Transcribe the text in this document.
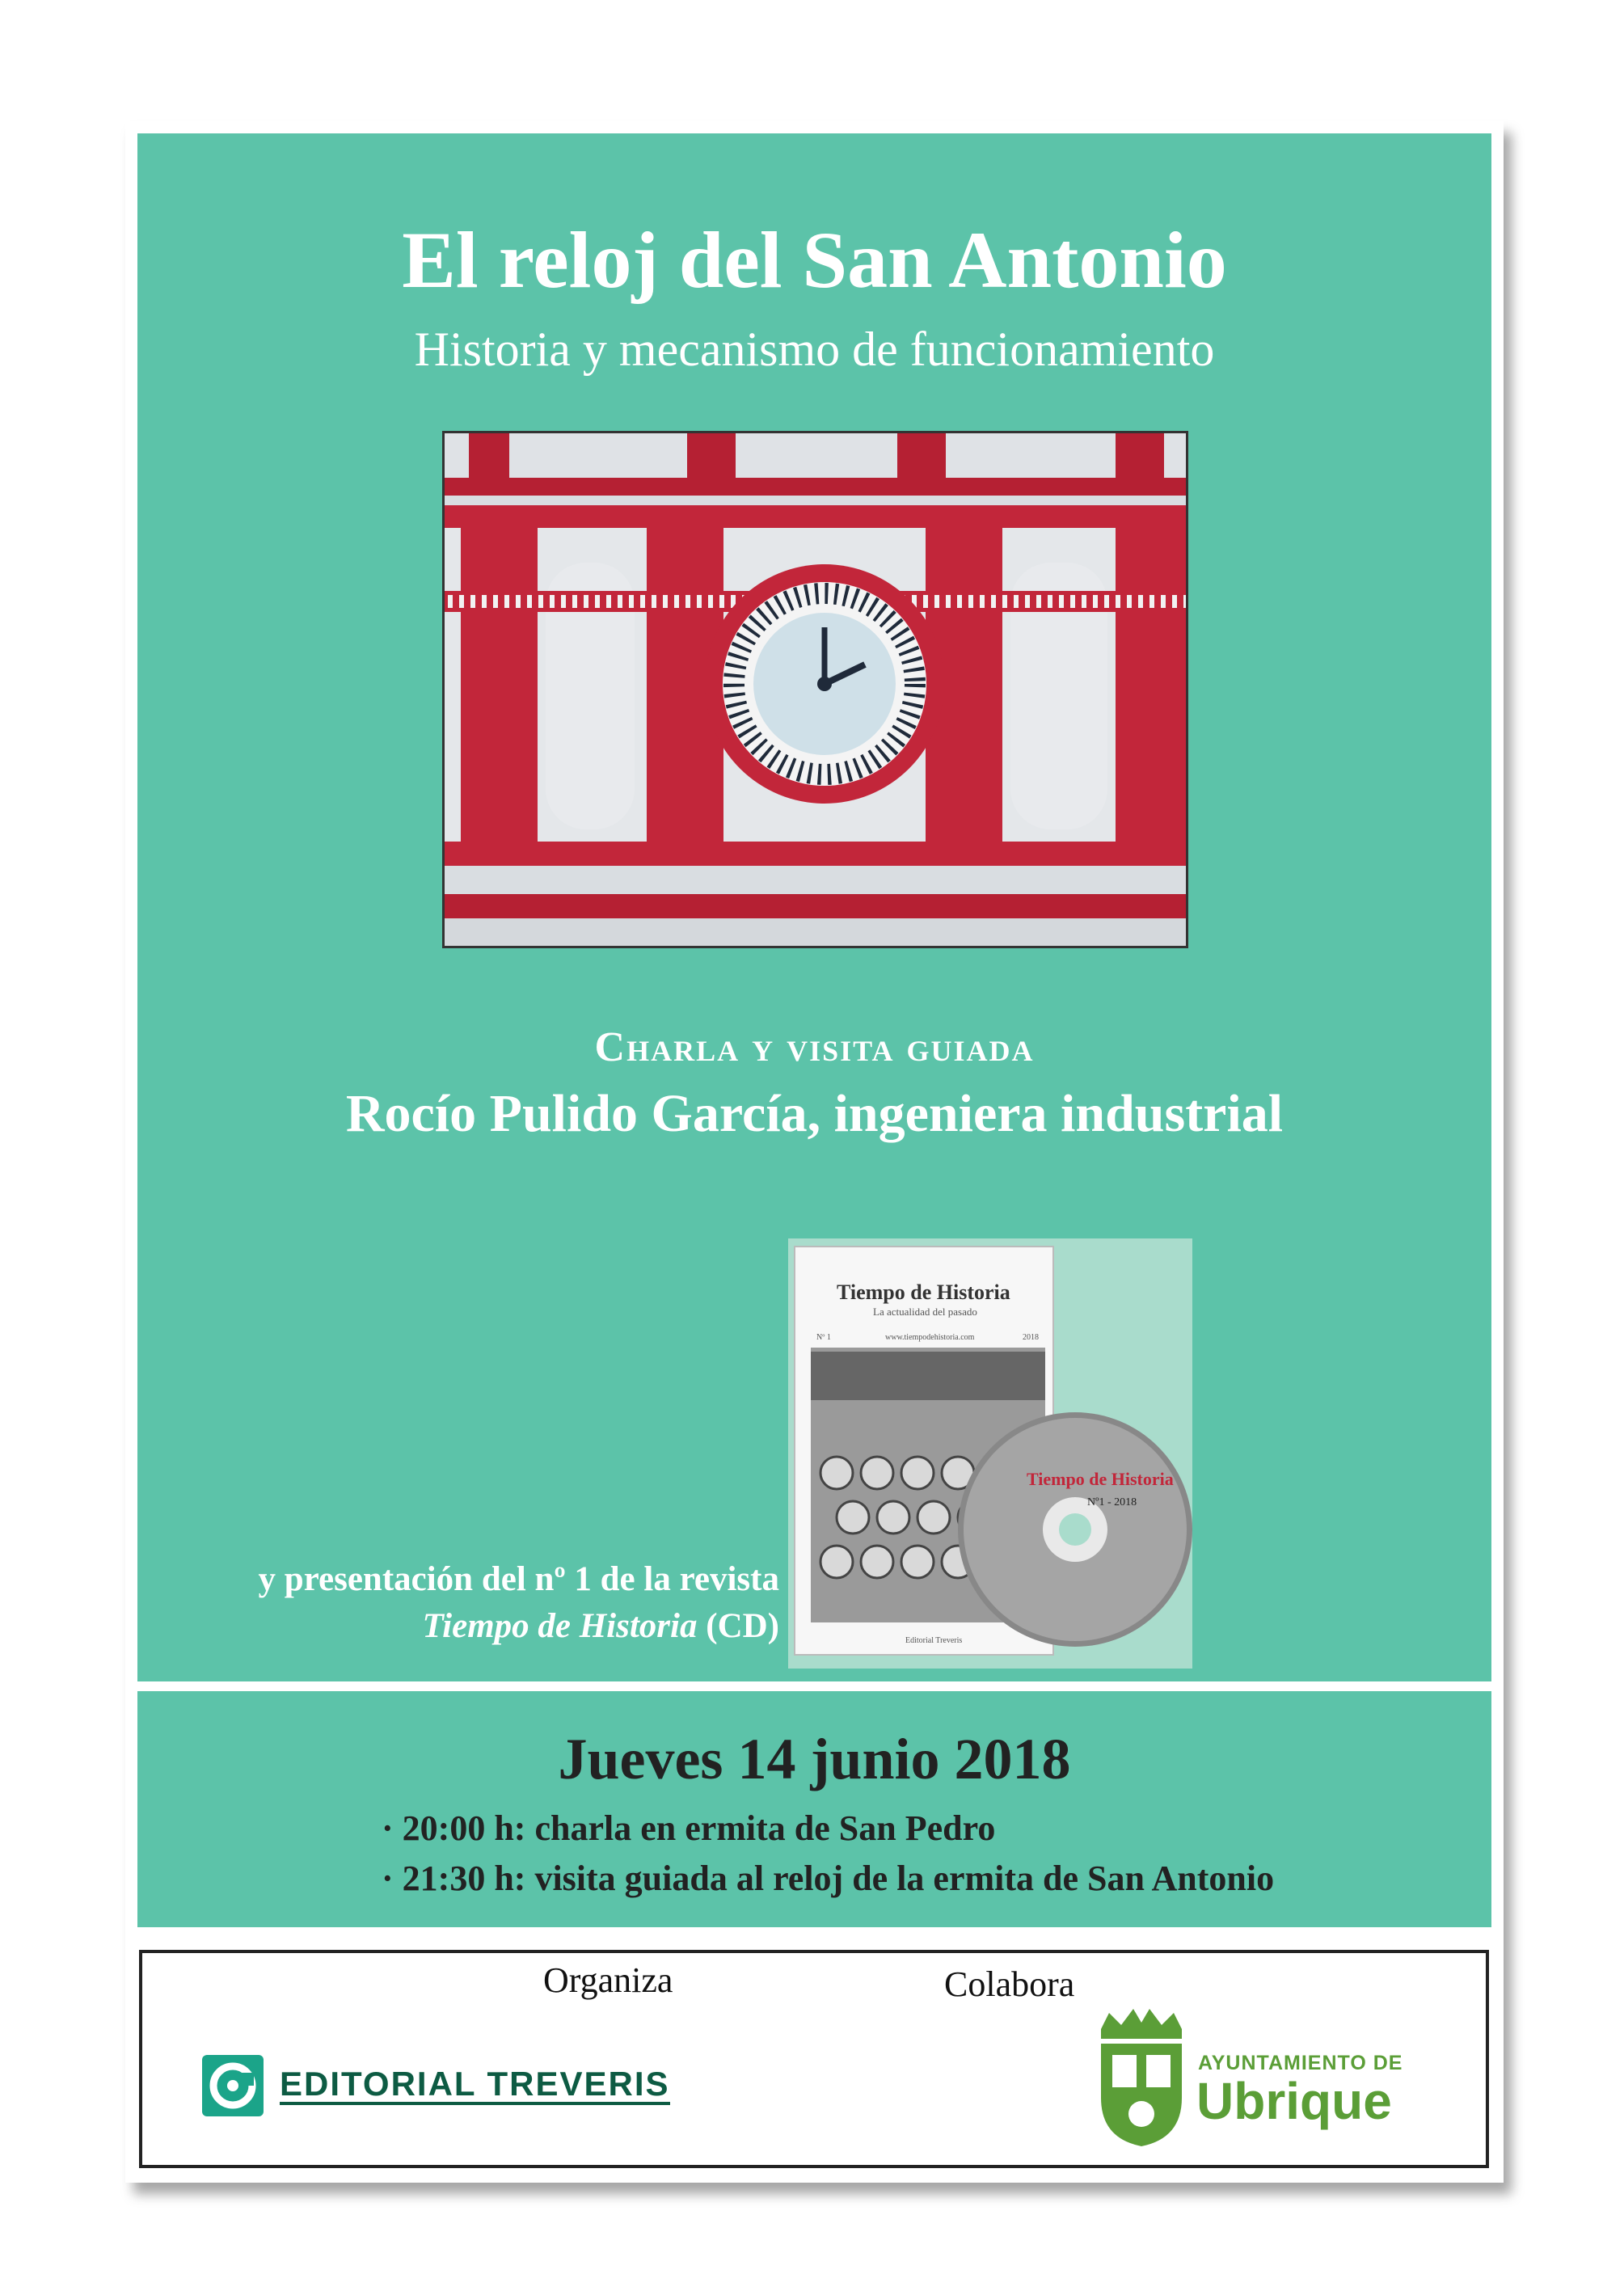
El reloj del San Antonio
Historia y mecanismo de funcionamiento
Charla y visita guiada
Rocío Pulido García, ingeniera industrial
Tiempo de Historia
Nº1 - 2018
Tiempo de Historia
La actualidad del pasado
Nº 1	www.tiempodehistoria.com	2018
Editorial Treveris
y presentación del nº 1 de la revista
Tiempo de Historia (CD)
Jueves 14 junio 2018
· 20:00 h: charla en ermita de San Pedro
· 21:30 h: visita guiada al reloj de la ermita de San Antonio
Organiza	Colabora
EDITORIAL TREVERIS
AYUNTAMIENTO DE
Ubrique
